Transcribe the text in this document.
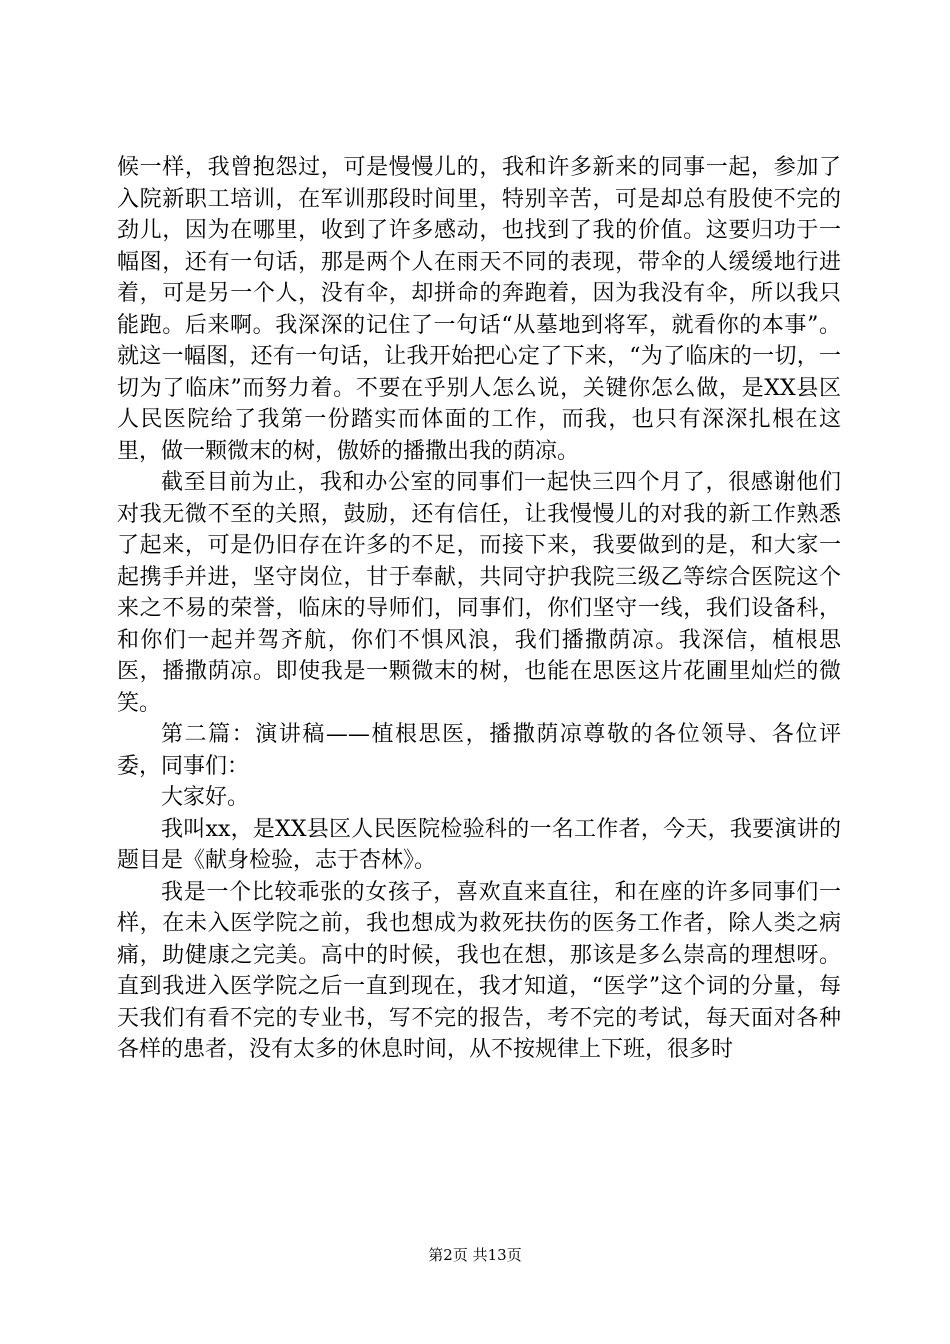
候一样，我曾抱怨过，可是慢慢儿的，我和许多新来的同事一起，参加了入院新职工培训，在军训那段时间里，特别辛苦，可是却总有股使不完的劲儿，因为在哪里，收到了许多感动，也找到了我的价值。这要归功于一幅图，还有一句话，那是两个人在雨天不同的表现，带伞的人缓缓地行进着，可是另一个人，没有伞，却拼命的奔跑着，因为我没有伞，所以我只能跑。后来啊。我深深的记住了一句话“从墓地到将军，就看你的本事”。就这一幅图，还有一句话，让我开始把心定了下来，“为了临床的一切，一切为了临床”而努力着。不要在乎别人怎么说，关键你怎么做，是XX县区人民医院给了我第一份踏实而体面的工作，而我，也只有深深扎根在这里，做一颗微末的树，傲娇的播撒出我的荫凉。

截至目前为止，我和办公室的同事们一起快三四个月了，很感谢他们对我无微不至的关照，鼓励，还有信任，让我慢慢儿的对我的新工作熟悉了起来，可是仍旧存在许多的不足，而接下来，我要做到的是，和大家一起携手并进，坚守岗位，甘于奉献，共同守护我院三级乙等综合医院这个来之不易的荣誉，临床的导师们，同事们，你们坚守一线，我们设备科，和你们一起并驾齐航，你们不惧风浪，我们播撒荫凉。我深信，植根思医，播撒荫凉。即使我是一颗微末的树，也能在思医这片花圃里灿烂的微笑。

第二篇：演讲稿——植根思医，播撒荫凉尊敬的各位领导、各位评委，同事们：

大家好。

我叫xx，是XX县区人民医院检验科的一名工作者，今天，我要演讲的题目是《献身检验，志于杏林》。

我是一个比较乖张的女孩子，喜欢直来直往，和在座的许多同事们一样，在未入医学院之前，我也想成为救死扶伤的医务工作者，除人类之病痛，助健康之完美。高中的时候，我也在想，那该是多么崇高的理想呀。直到我进入医学院之后一直到现在，我才知道，“医学”这个词的分量，每天我们有看不完的专业书，写不完的报告，考不完的考试，每天面对各种各样的患者，没有太多的休息时间，从不按规律上下班，很多时

第2页 共13页
